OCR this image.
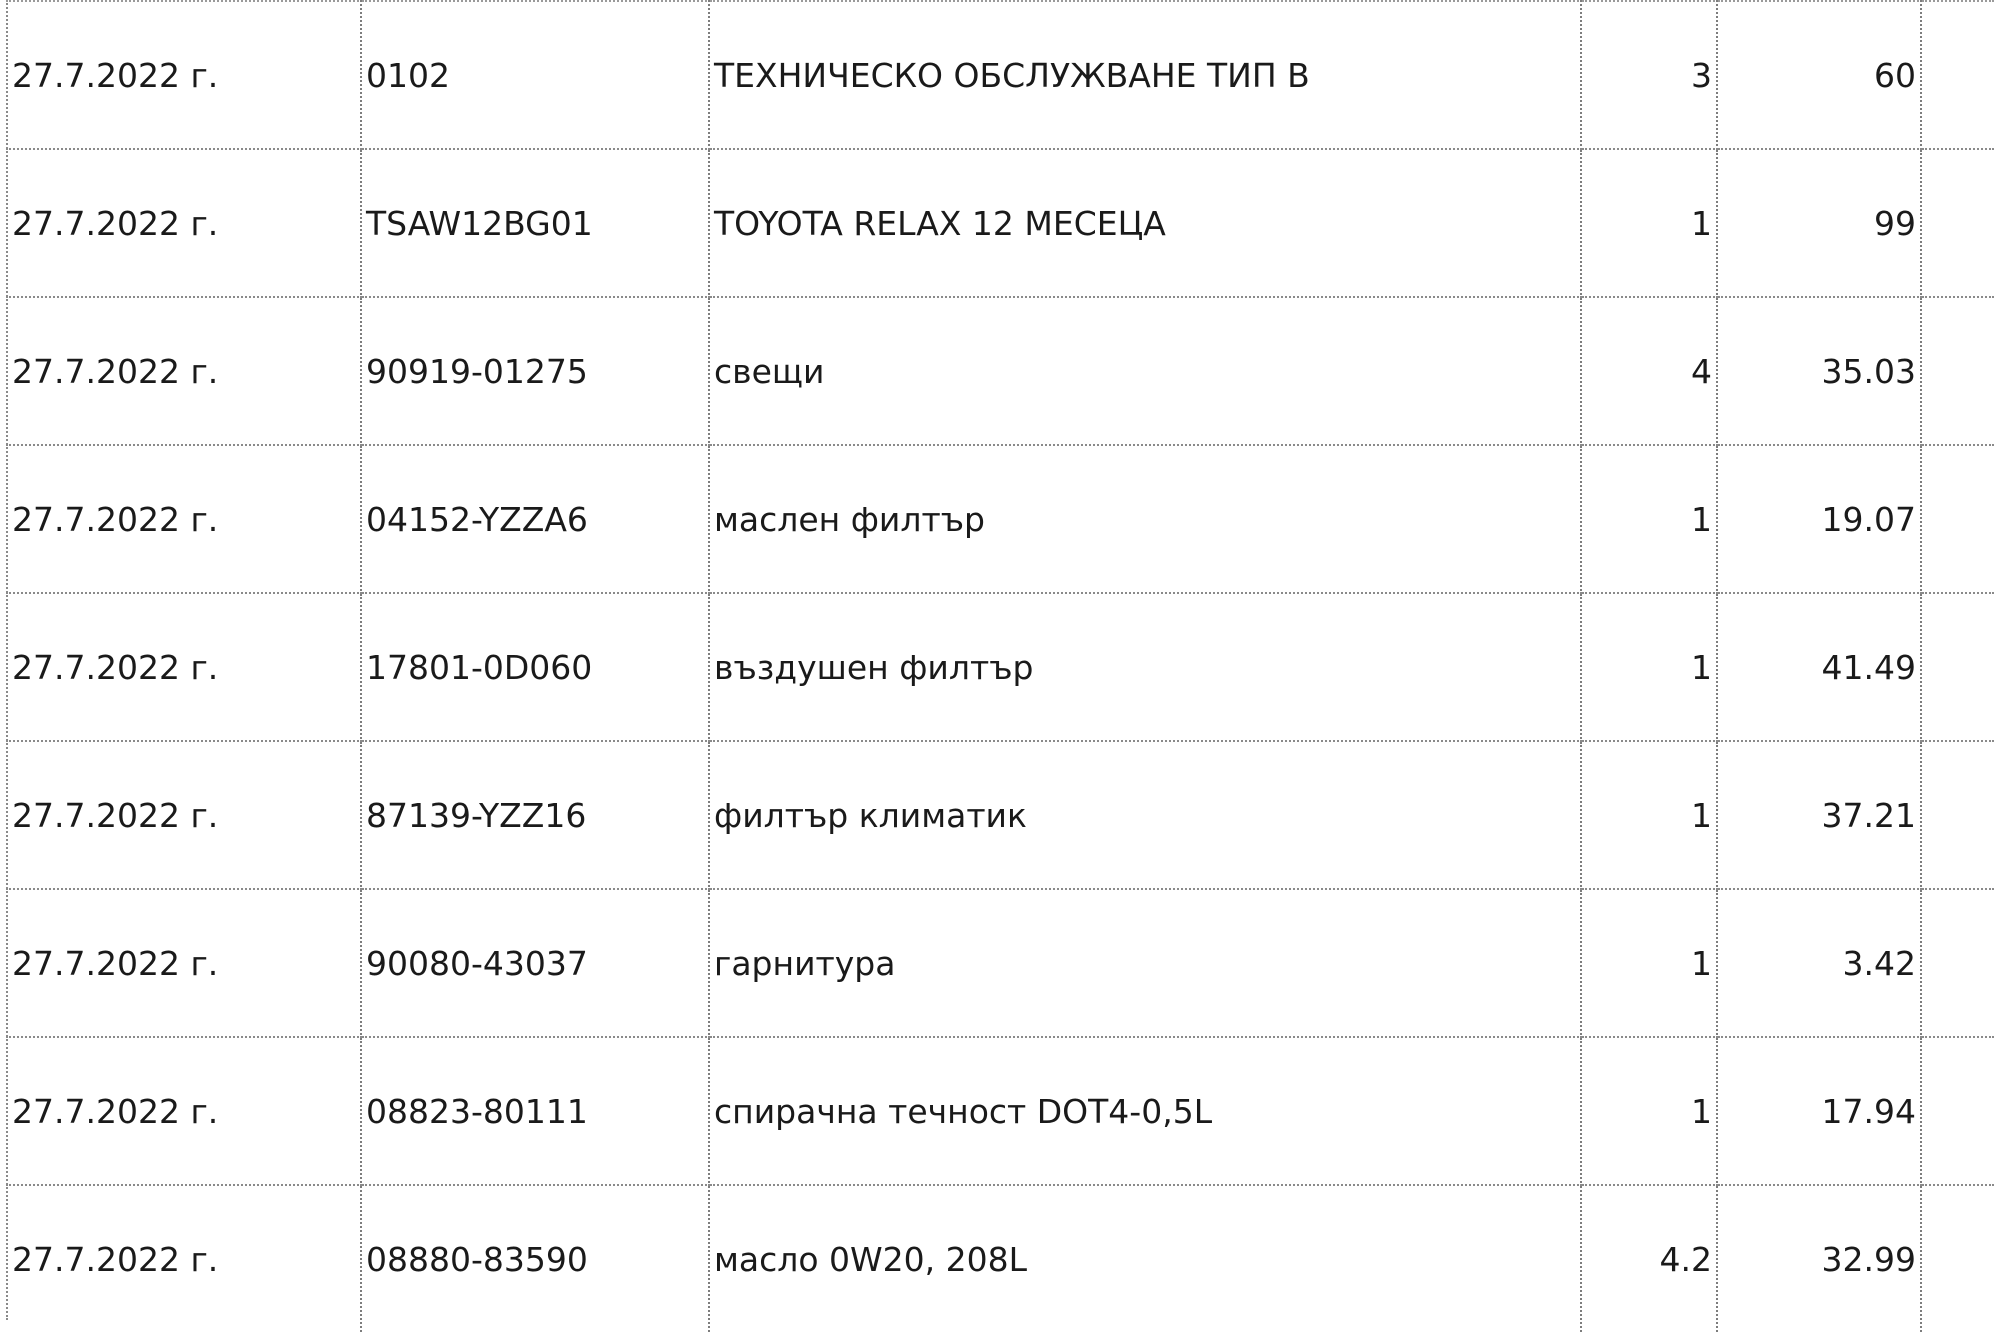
27.7.2022 г.	0102	ТЕХНИЧЕСКО ОБСЛУЖВАНЕ ТИП B	3	60	
27.7.2022 г.	TSAW12BG01	TOYOTA RELAX 12 МЕСЕЦА	1	99	
27.7.2022 г.	90919-01275	свещи	4	35.03	
27.7.2022 г.	04152-YZZA6	маслен филтър	1	19.07	
27.7.2022 г.	17801-0D060	въздушен филтър	1	41.49	
27.7.2022 г.	87139-YZZ16	филтър климатик	1	37.21	
27.7.2022 г.	90080-43037	гарнитура	1	3.42	
27.7.2022 г.	08823-80111	спирачна течност DOT4-0,5L	1	17.94	
27.7.2022 г.	08880-83590	масло 0W20, 208L	4.2	32.99	
